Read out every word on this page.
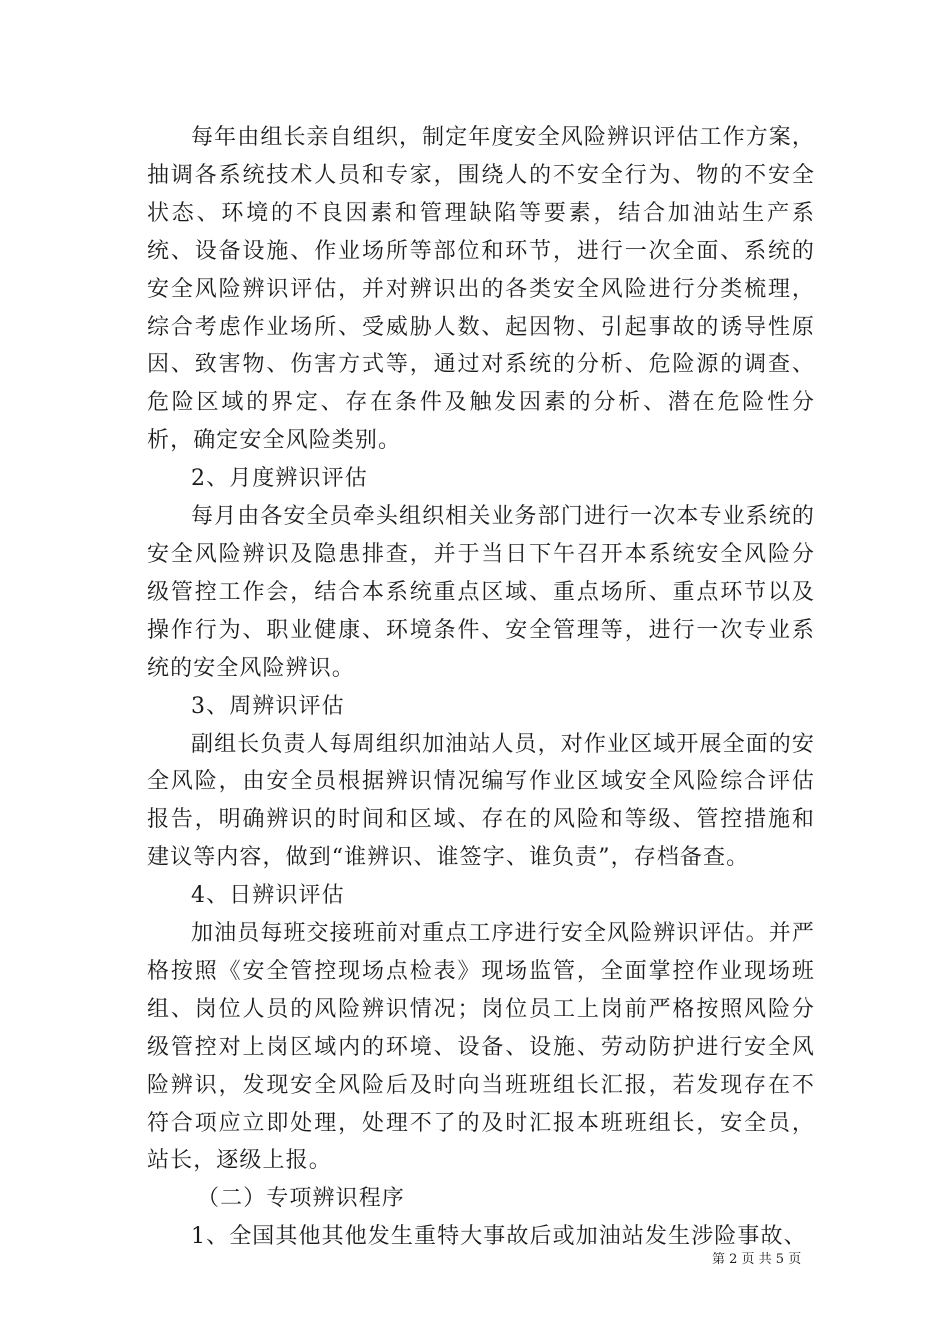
每年由组长亲自组织，制定年度安全风险辨识评估工作方案，抽调各系统技术人员和专家，围绕人的不安全行为、物的不安全状态、环境的不良因素和管理缺陷等要素，结合加油站生产系统、设备设施、作业场所等部位和环节，进行一次全面、系统的安全风险辨识评估，并对辨识出的各类安全风险进行分类梳理，综合考虑作业场所、受威胁人数、起因物、引起事故的诱导性原因、致害物、伤害方式等，通过对系统的分析、危险源的调查、危险区域的界定、存在条件及触发因素的分析、潜在危险性分析，确定安全风险类别。

2、月度辨识评估

每月由各安全员牵头组织相关业务部门进行一次本专业系统的安全风险辨识及隐患排查，并于当日下午召开本系统安全风险分级管控工作会，结合本系统重点区域、重点场所、重点环节以及操作行为、职业健康、环境条件、安全管理等，进行一次专业系统的安全风险辨识。

3、周辨识评估

副组长负责人每周组织加油站人员，对作业区域开展全面的安全风险，由安全员根据辨识情况编写作业区域安全风险综合评估报告，明确辨识的时间和区域、存在的风险和等级、管控措施和建议等内容，做到“谁辨识、谁签字、谁负责”，存档备查。

4、日辨识评估

加油员每班交接班前对重点工序进行安全风险辨识评估。并严格按照《安全管控现场点检表》现场监管，全面掌控作业现场班组、岗位人员的风险辨识情况；岗位员工上岗前严格按照风险分级管控对上岗区域内的环境、设备、设施、劳动防护进行安全风险辨识，发现安全风险后及时向当班班组长汇报，若发现存在不符合项应立即处理，处理不了的及时汇报本班班组长，安全员，站长，逐级上报。

（二）专项辨识程序

1、全国其他其他发生重特大事故后或加油站发生涉险事故、

第 2 页 共 5 页
